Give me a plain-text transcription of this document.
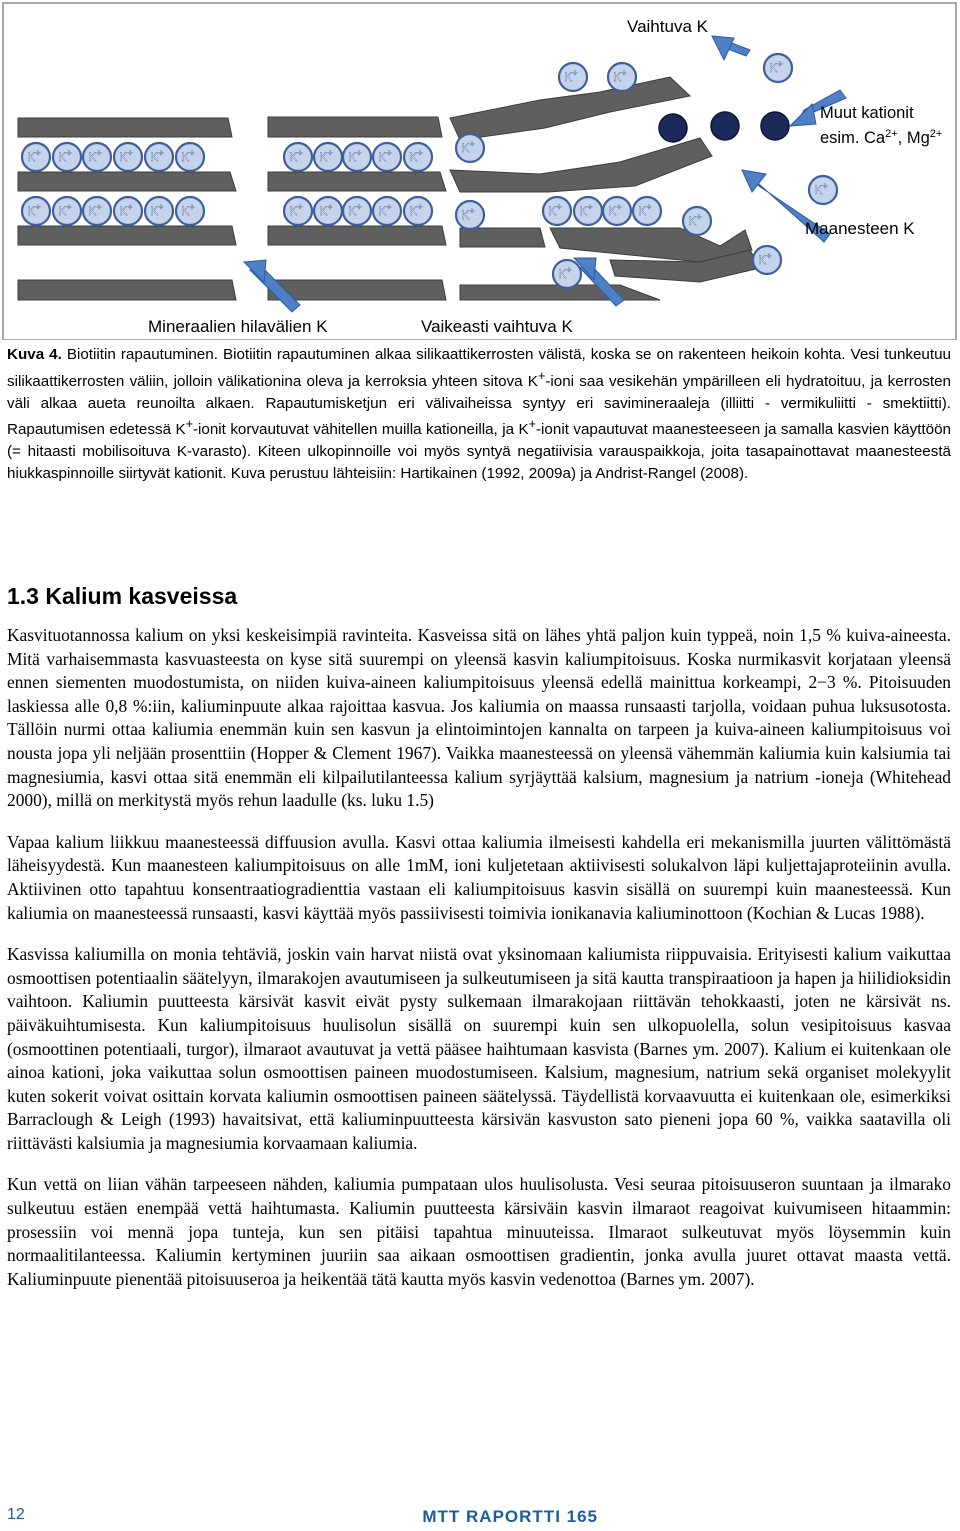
K+ K+ K+ K+ K+ K+	K+ K+ K+ K+ K+	K+
K+ K+ K+ K+ K+ K+	K+ K+ K+ K+ K+
K+	K+ K+ K+ K+
K+
K+	K+	K+
K+
K+
K+
Vaihtuva K
Muut kationit
esim. $Ca^{2+}$, $Mg^{2+}$
Maanesteen K
Mineraalien hilavälien K	Vaikeasti vaihtuva K
Kuva 4. Biotiitin rapautuminen. Biotiitin rapautuminen alkaa silikaattikerrosten välistä, koska se on rakenteen heikoin kohta. Vesi tunkeutuu silikaattikerrosten väliin, jolloin välikationina oleva ja kerroksia yhteen sitova K+-ioni saa vesikehän ympärilleen eli hydratoituu, ja kerrosten väli alkaa aueta reunoilta alkaen. Rapautumisketjun eri välivaiheissa syntyy eri savimineraaleja (illiitti - vermikuliitti - smektiitti). Rapautumisen edetessä K+-ionit korvautuvat vähitellen muilla kationeilla, ja K+-ionit vapautuvat maanesteeseen ja samalla kasvien käyttöön (= hitaasti mobilisoituva K-varasto). Kiteen ulkopinnoille voi myös syntyä negatiivisia varauspaikkoja, joita tasapainottavat maanesteestä hiukkaspinnoille siirtyvät kationit. Kuva perustuu lähteisiin: Hartikainen (1992, 2009a) ja Andrist-Rangel (2008).
1.3 Kalium kasveissa

Kasvituotannossa kalium on yksi keskeisimpiä ravinteita. Kasveissa sitä on lähes yhtä paljon kuin typpeä, noin 1,5 % kuiva-aineesta. Mitä varhaisemmasta kasvuasteesta on kyse sitä suurempi on yleensä kasvin kaliumpitoisuus. Koska nurmikasvit korjataan yleensä ennen siementen muodostumista, on niiden kuiva-aineen kaliumpitoisuus yleensä edellä mainittua korkeampi, 2−3 %. Pitoisuuden laskiessa alle 0,8 %:iin, kaliuminpuute alkaa rajoittaa kasvua. Jos kaliumia on maassa runsaasti tarjolla, voidaan puhua luksusotosta. Tällöin nurmi ottaa kaliumia enemmän kuin sen kasvun ja elintoimintojen kannalta on tarpeen ja kuiva-aineen kaliumpitoisuus voi nousta jopa yli neljään prosenttiin (Hopper & Clement 1967). Vaikka maanesteessä on yleensä vähemmän kaliumia kuin kalsiumia tai magnesiumia, kasvi ottaa sitä enemmän eli kilpailutilanteessa kalium syrjäyttää kalsium, magnesium ja natrium -ioneja (Whitehead 2000), millä on merkitystä myös rehun laadulle (ks. luku 1.5)

Vapaa kalium liikkuu maanesteessä diffuusion avulla. Kasvi ottaa kaliumia ilmeisesti kahdella eri mekanismilla juurten välittömästä läheisyydestä. Kun maanesteen kaliumpitoisuus on alle 1mM, ioni kuljetetaan aktiivisesti solukalvon läpi kuljettajaproteiinin avulla. Aktiivinen otto tapahtuu konsentraatiogradienttia vastaan eli kaliumpitoisuus kasvin sisällä on suurempi kuin maanesteessä. Kun kaliumia on maanesteessä runsaasti, kasvi käyttää myös passiivisesti toimivia ionikanavia kaliuminottoon (Kochian & Lucas 1988).

Kasvissa kaliumilla on monia tehtäviä, joskin vain harvat niistä ovat yksinomaan kaliumista riippuvaisia. Erityisesti kalium vaikuttaa osmoottisen potentiaalin säätelyyn, ilmarakojen avautumiseen ja sulkeutumiseen ja sitä kautta transpiraatioon ja hapen ja hiilidioksidin vaihtoon. Kaliumin puutteesta kärsivät kasvit eivät pysty sulkemaan ilmarakojaan riittävän tehokkaasti, joten ne kärsivät ns. päiväkuihtumisesta. Kun kaliumpitoisuus huulisolun sisällä on suurempi kuin sen ulkopuolella, solun vesipitoisuus kasvaa (osmoottinen potentiaali, turgor), ilmaraot avautuvat ja vettä pääsee haihtumaan kasvista (Barnes ym. 2007). Kalium ei kuitenkaan ole ainoa kationi, joka vaikuttaa solun osmoottisen paineen muodostumiseen. Kalsium, magnesium, natrium sekä organiset molekyylit kuten sokerit voivat osittain korvata kaliumin osmoottisen paineen säätelyssä. Täydellistä korvaavuutta ei kuitenkaan ole, esimerkiksi Barraclough & Leigh (1993) havaitsivat, että kaliuminpuutteesta kärsivän kasvuston sato pieneni jopa 60 %, vaikka saatavilla oli riittävästi kalsiumia ja magnesiumia korvaamaan kaliumia.

Kun vettä on liian vähän tarpeeseen nähden, kaliumia pumpataan ulos huulisolusta. Vesi seuraa pitoisuuseron suuntaan ja ilmarako sulkeutuu estäen enempää vettä haihtumasta. Kaliumin puutteesta kärsiväin kasvin ilmaraot reagoivat kuivumiseen hitaammin: prosessiin voi mennä jopa tunteja, kun sen pitäisi tapahtua minuuteissa. Ilmaraot sulkeutuvat myös löysemmin kuin normaalitilanteessa. Kaliumin kertyminen juuriin saa aikaan osmoottisen gradientin, jonka avulla juuret ottavat maasta vettä. Kaliuminpuute pienentää pitoisuuseroa ja heikentää tätä kautta myös kasvin vedenottoa (Barnes ym. 2007).

12	MTT RAPORTTI 165
